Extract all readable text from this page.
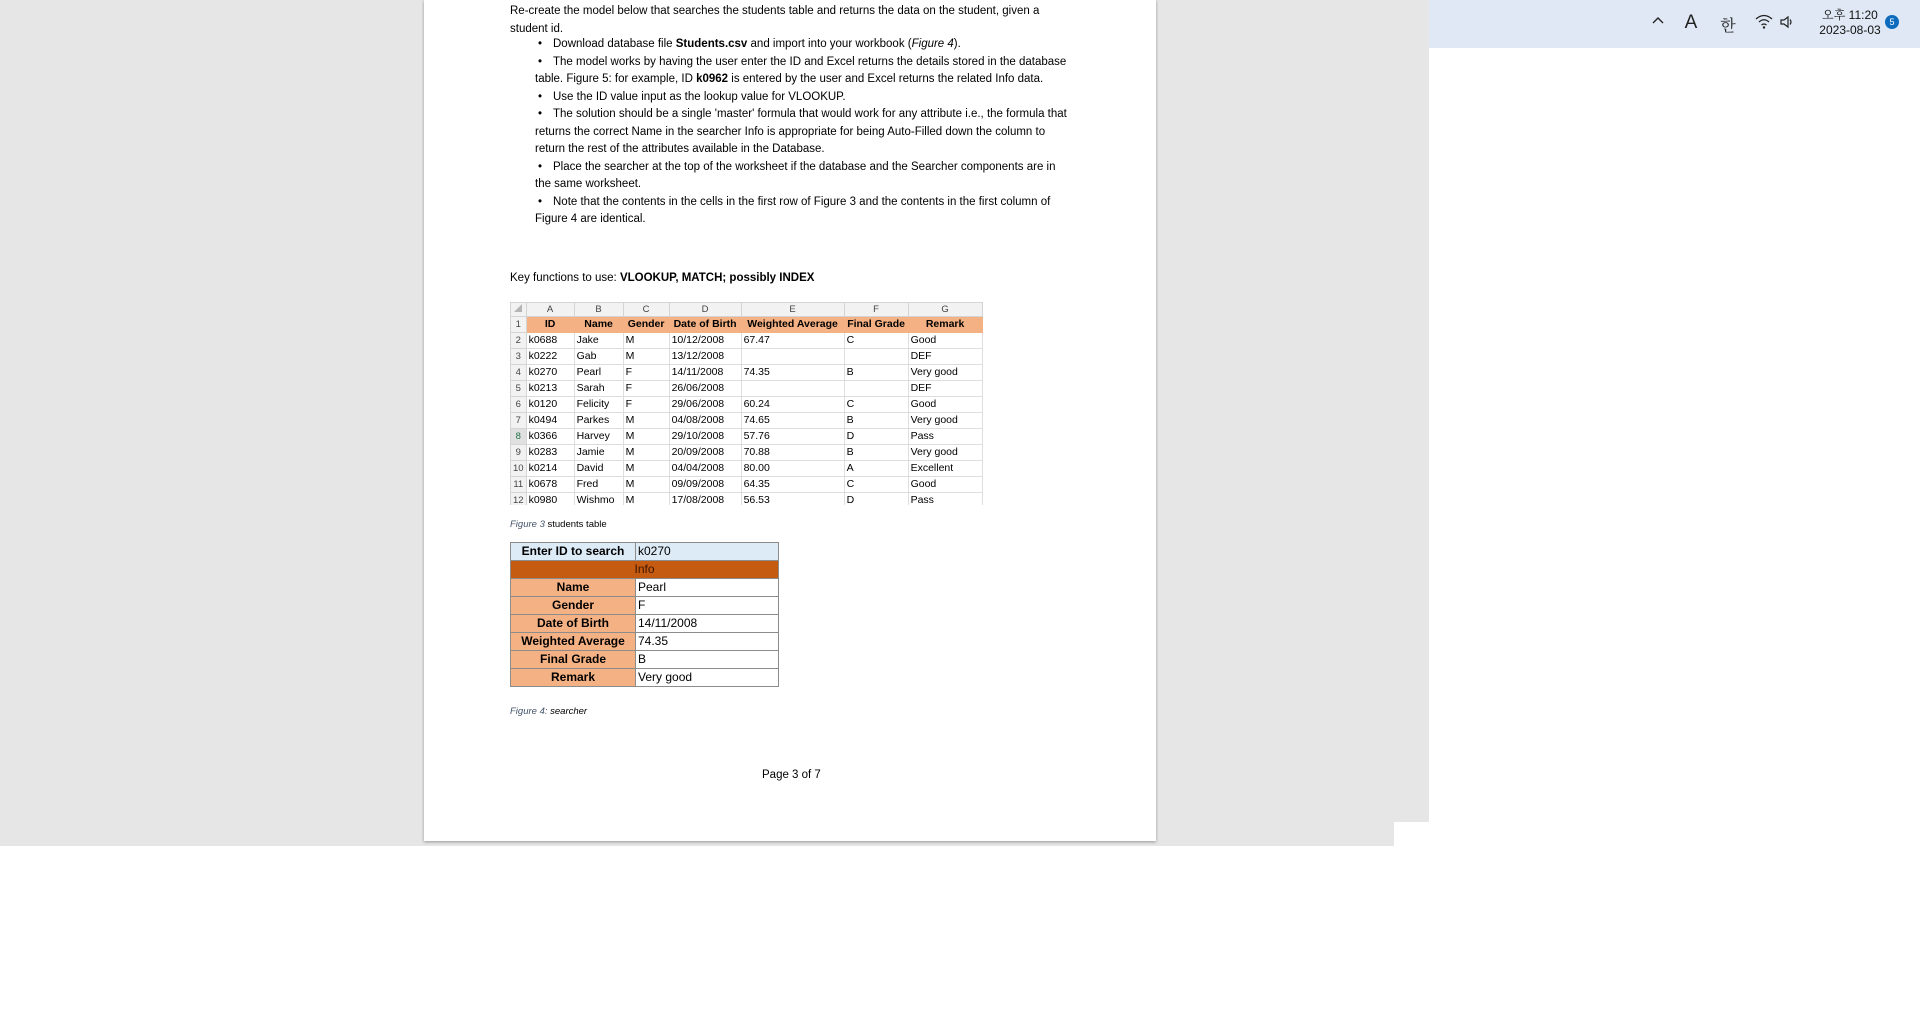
Re-create the model below that searches the students table and returns the data on the student, given a student id.
• Download database file Students.csv and import into your workbook (Figure 4).
• The model works by having the user enter the ID and Excel returns the details stored in the database table. Figure 5: for example, ID k0962 is entered by the user and Excel returns the related Info data.
• Use the ID value input as the lookup value for VLOOKUP.
• The solution should be a single 'master' formula that would work for any attribute i.e., the formula that returns the correct Name in the searcher Info is appropriate for being Auto-Filled down the column to return the rest of the attributes available in the Database.
• Place the searcher at the top of the worksheet if the database and the Searcher components are in the same worksheet.
• Note that the contents in the cells in the first row of Figure 3 and the contents in the first column of Figure 4 are identical.
Key functions to use: VLOOKUP, MATCH; possibly INDEX
	A	B	C	D	E	F	G
1	ID	Name	Gender	Date of Birth	Weighted Average	Final Grade	Remark
2	k0688	Jake	M	10/12/2008	67.47	C	Good
3	k0222	Gab	M	13/12/2008			DEF
4	k0270	Pearl	F	14/11/2008	74.35	B	Very good
5	k0213	Sarah	F	26/06/2008			DEF
6	k0120	Felicity	F	29/06/2008	60.24	C	Good
7	k0494	Parkes	M	04/08/2008	74.65	B	Very good
8	k0366	Harvey	M	29/10/2008	57.76	D	Pass
9	k0283	Jamie	M	20/09/2008	70.88	B	Very good
10	k0214	David	M	04/04/2008	80.00	A	Excellent
11	k0678	Fred	M	09/09/2008	64.35	C	Good
12	k0980	Wishmo	M	17/08/2008	56.53	D	Pass
Figure 3 students table
Enter ID to search	k0270
Info	
Name	Pearl
Gender	F
Date of Birth	14/11/2008
Weighted Average	74.35
Final Grade	B
Remark	Very good
Figure 4: searcher
Page 3 of 7
A 한
오후 11:20
2023-08-03
5
